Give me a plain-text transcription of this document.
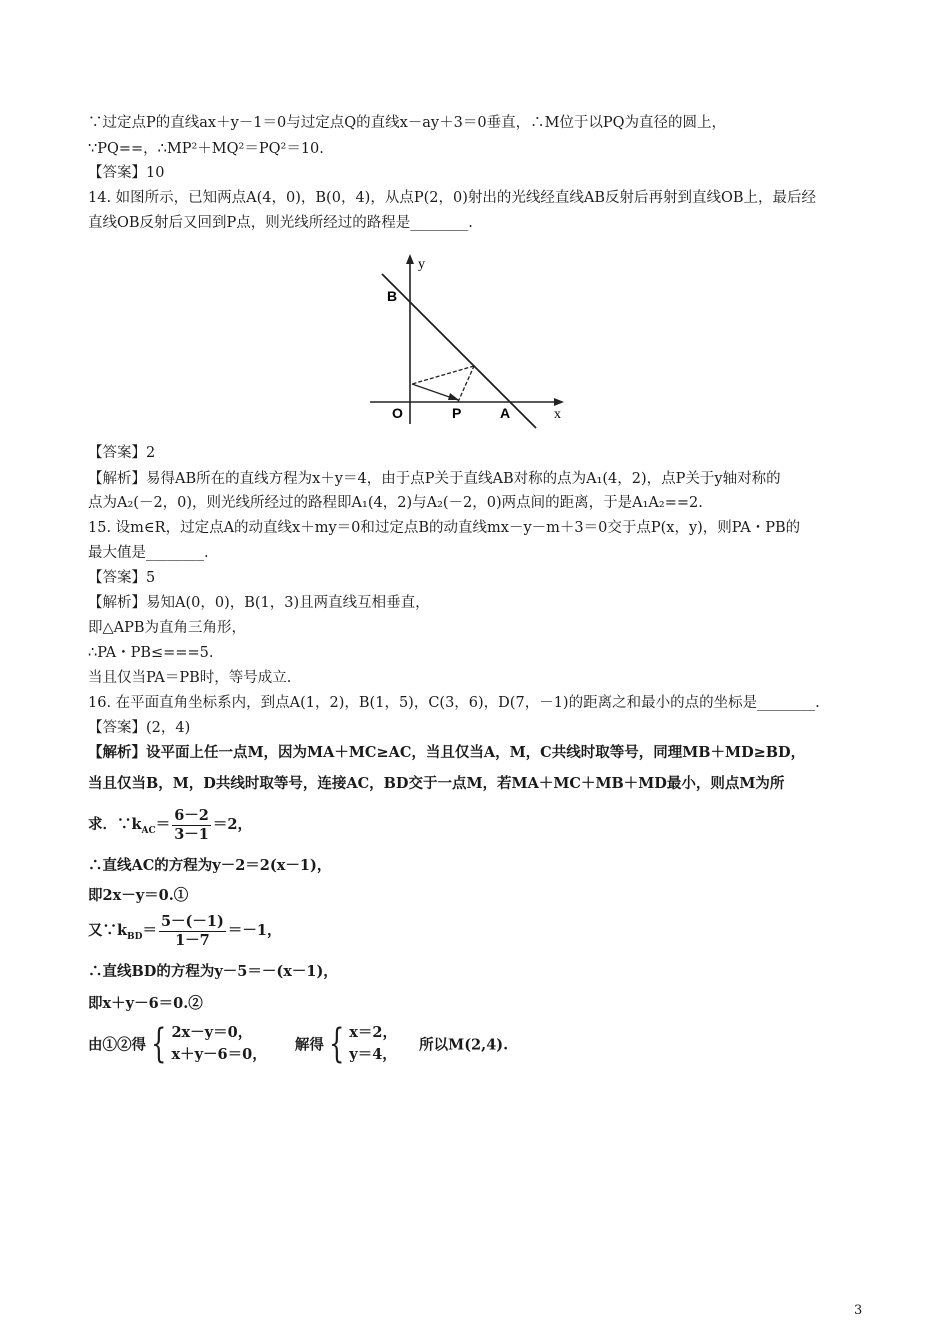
∵过定点P的直线ax＋y－1＝0与过定点Q的直线x－ay＋3＝0垂直，∴M位于以PQ为直径的圆上，
∵PQ==，∴MP²＋MQ²＝PQ²＝10.
【答案】10
14. 如图所示，已知两点A(4，0)，B(0，4)，从点P(2，0)射出的光线经直线AB反射后再射到直线OB上，最后经
直线OB反射后又回到P点，则光线所经过的路程是________.
y
x
B
O	P	A
【答案】2
【解析】易得AB所在的直线方程为x＋y＝4，由于点P关于直线AB对称的点为A₁(4，2)，点P关于y轴对称的
点为A₂(－2，0)，则光线所经过的路程即A₁(4，2)与A₂(－2，0)两点间的距离，于是A₁A₂==2.
15. 设m∈R，过定点A的动直线x＋my＝0和过定点B的动直线mx－y－m＋3＝0交于点P(x，y)，则PA・PB的
最大值是________.
【答案】5
【解析】易知A(0，0)，B(1，3)且两直线互相垂直，
即△APB为直角三角形，
∴PA・PB≤===5.
当且仅当PA＝PB时，等号成立.
16. 在平面直角坐标系内，到点A(1，2)，B(1，5)，C(3，6)，D(7，－1)的距离之和最小的点的坐标是________.
【答案】(2，4)
【解析】设平面上任一点M，因为MA＋MC≥AC，当且仅当A，M，C共线时取等号，同理MB＋MD≥BD，
当且仅当B，M，D共线时取等号，连接AC，BD交于一点M，若MA＋MC＋MB＋MD最小，则点M为所
求．$\because k_{AC}= \frac{6-2}{3-1} =2$，
∴直线AC的方程为y－2＝2(x－1)，
即2x－y＝0.①
又$\because k_{BD}= \frac{5-(-1)}{1-7} =-1$，
∴直线BD的方程为y－5＝－(x－1)，
即x＋y－6＝0.②
由①②得 { 2x－y＝0，
x＋y－6＝0，
解得 { x＝2，
y＝4，
所以M(2,4).
3
